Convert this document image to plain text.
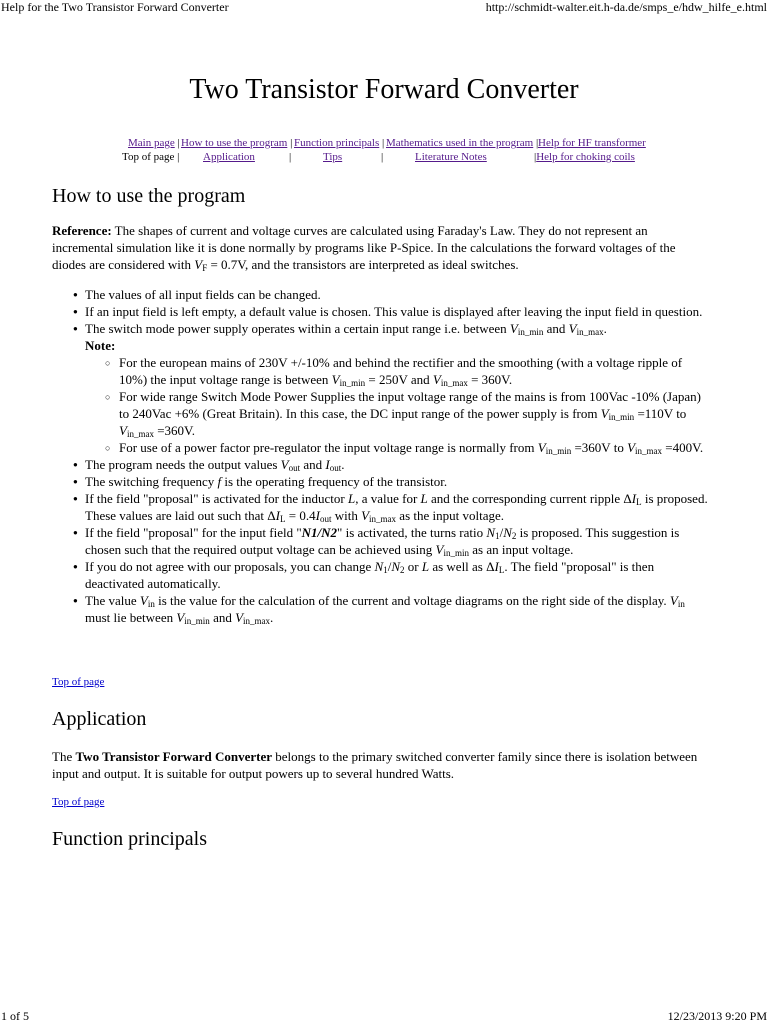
Help for the Two Transistor Forward Converter	http://schmidt-walter.eit.h-da.de/smps_e/hdw_hilfe_e.html
Two Transistor Forward Converter
Main page | How to use the program | Function principals | Mathematics used in the program | Help for HF transformer
Top of page | Application	|	Tips	|	Literature Notes	|Help for choking coils
How to use the program

Reference: The shapes of current and voltage curves are calculated using Faraday's Law. They do not represent an incremental simulation like it is done normally by programs like P-Spice. In the calculations the forward voltages of the diodes are considered with $V_F = 0.7V$, and the transistors are interpreted as ideal switches.

● The values of all input fields can be changed.
● If an input field is left empty, a default value is chosen. This value is displayed after leaving the input field in question.
● The switch mode power supply operates within a certain input range i.e. between $V_{in\_min}$ and $V_{in\_max}$.
Note:
○ For the european mains of 230V +/-10% and behind the rectifier and the smoothing (with a voltage ripple of 10%) the input voltage range is between $V_{in\_min} = 250V$ and $V_{in\_max} = 360V$.
○ For wide range Switch Mode Power Supplies the input voltage range of the mains is from 100Vac -10% (Japan) to 240Vac +6% (Great Britain). In this case, the DC input range of the power supply is from $V_{in\_min} =110V$ to $V_{in\_max} =360V$.
○ For use of a power factor pre-regulator the input voltage range is normally from $V_{in\_min} =360V$ to $V_{in\_max} =400V$.
● The program needs the output values $V_{out}$ and $I_{out}$.
● The switching frequency f is the operating frequency of the transistor.
● If the field "proposal" is activated for the inductor L, a value for L and the corresponding current ripple $\Delta I_L$ is proposed. These values are laid out such that $\Delta I_L = 0.4I_{out}$ with $V_{in\_max}$ as the input voltage.
● If the field "proposal" for the input field "N1/N2" is activated, the turns ratio $N_1/N_2$ is proposed. This suggestion is chosen such that the required output voltage can be achieved using $V_{in\_min}$ as an input voltage.
● If you do not agree with our proposals, you can change $N_1/N_2$ or L as well as $\Delta I_L$. The field "proposal" is then deactivated automatically.
● The value $V_{in}$ is the value for the calculation of the current and voltage diagrams on the right side of the display. $V_{in}$ must lie between $V_{in\_min}$ and $V_{in\_max}$.
Top of page
Application

The Two Transistor Forward Converter belongs to the primary switched converter family since there is isolation between input and output. It is suitable for output powers up to several hundred Watts.

Top of page
Function principals
1 of 5	12/23/2013 9:20 PM
